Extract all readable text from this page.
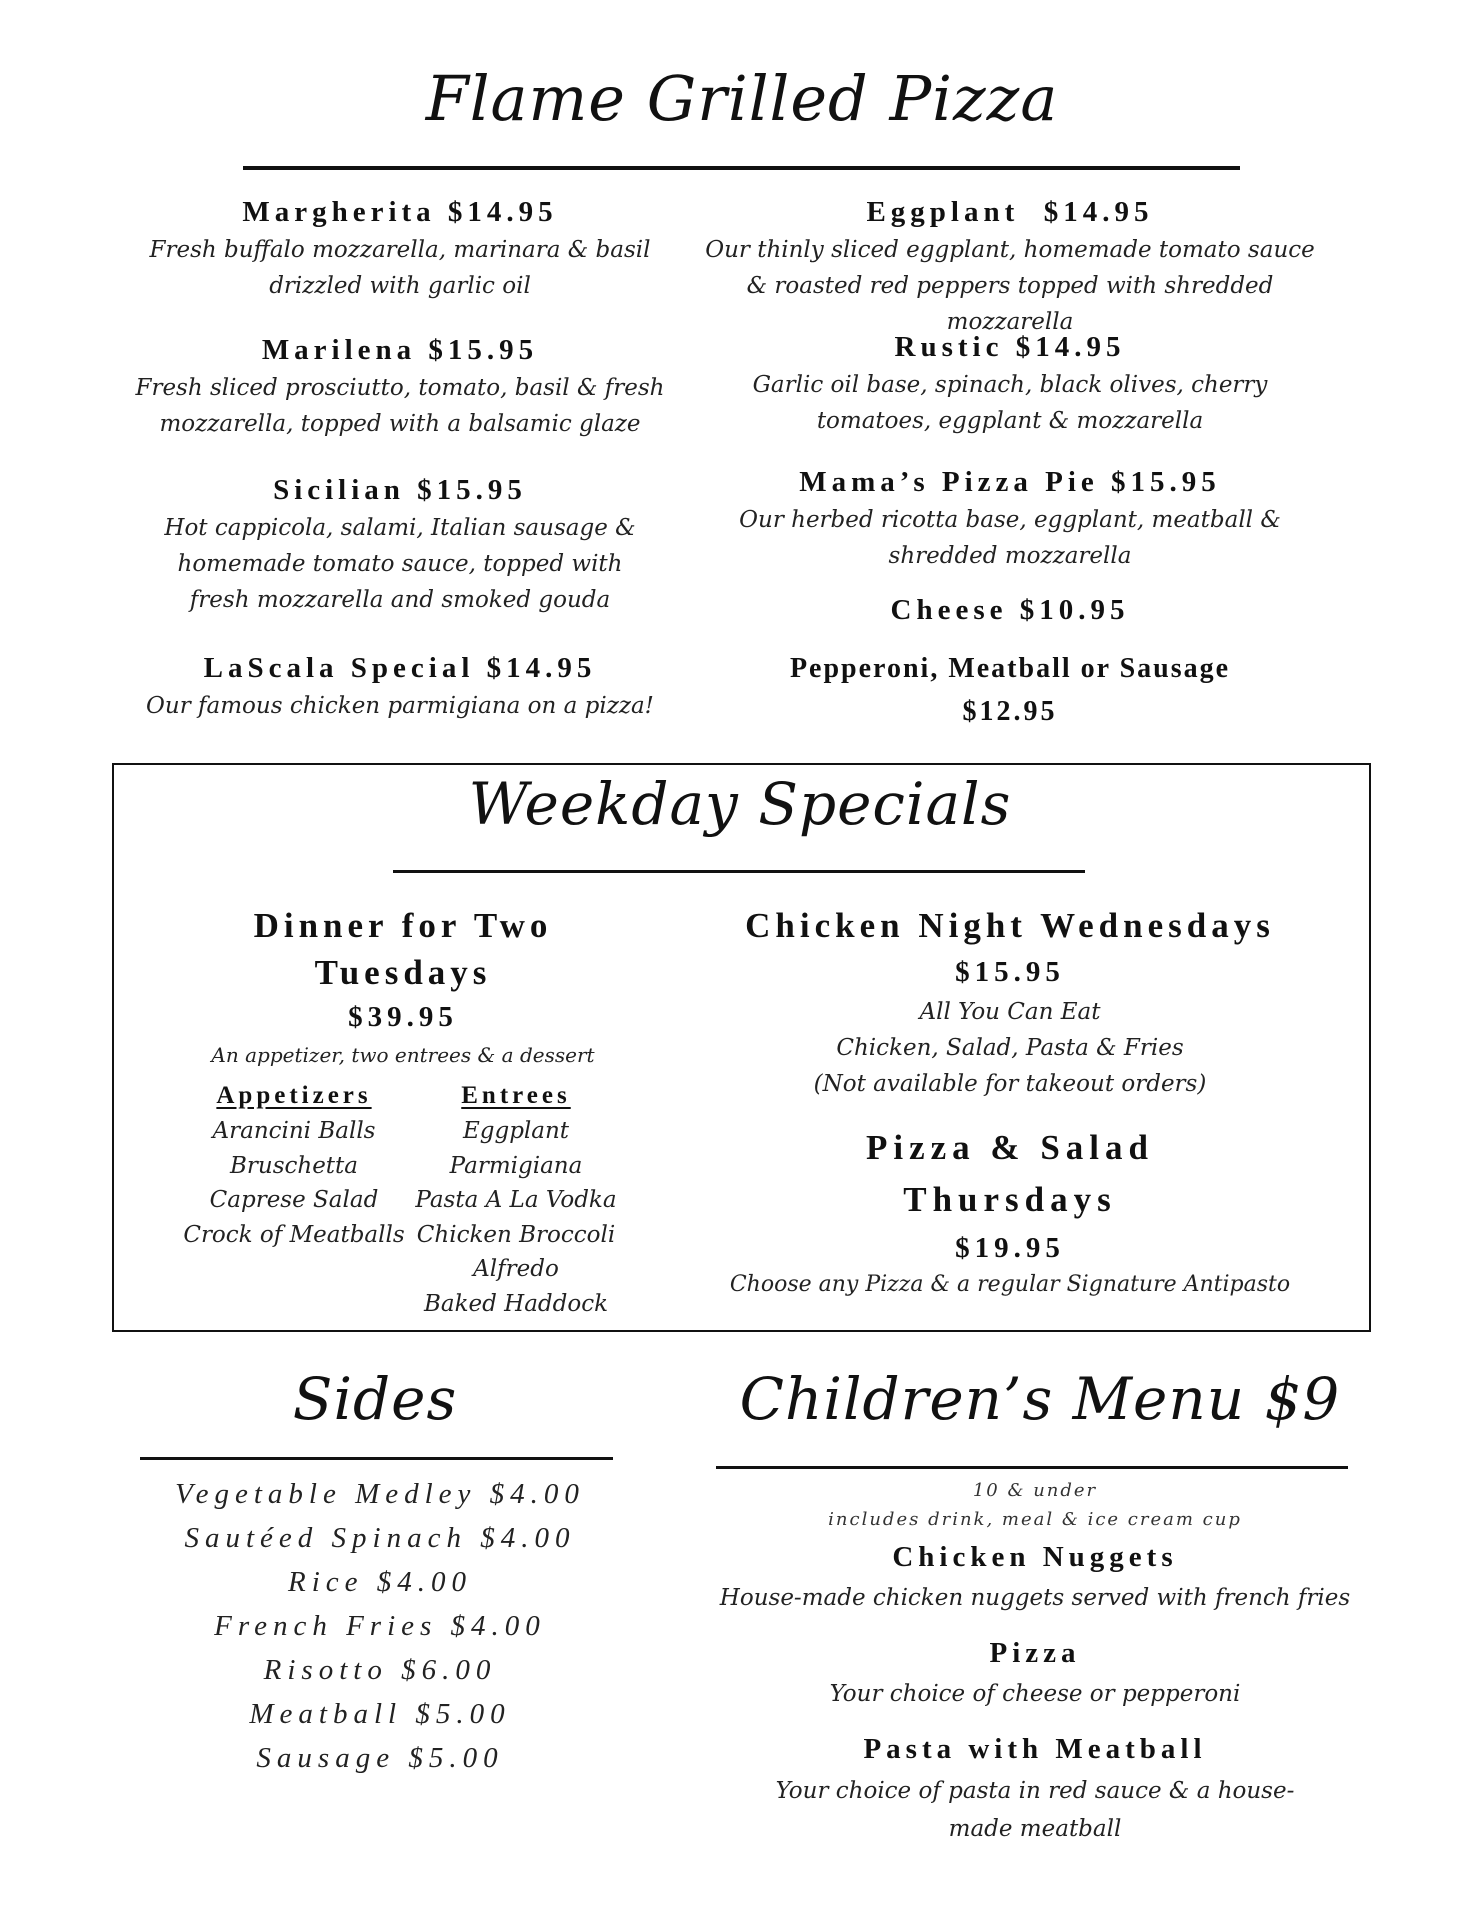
Flame Grilled Pizza
Margherita $14.95
Fresh buffalo mozzarella, marinara & basil drizzled with garlic oil
Marilena $15.95
Fresh sliced prosciutto, tomato, basil & fresh mozzarella, topped with a balsamic glaze
Sicilian $15.95
Hot cappicola, salami, Italian sausage & homemade tomato sauce, topped with fresh mozzarella and smoked gouda
LaScala Special $14.95
Our famous chicken parmigiana on a pizza!
Eggplant  $14.95
Our thinly sliced eggplant, homemade tomato sauce & roasted red peppers topped with shredded mozzarella
Rustic $14.95
Garlic oil base, spinach, black olives, cherry tomatoes, eggplant & mozzarella
Mama’s Pizza Pie $15.95
Our herbed ricotta base, eggplant, meatball & shredded mozzarella
Cheese $10.95
Pepperoni, Meatball or Sausage
$12.95
Weekday Specials
Dinner for Two
Tuesdays
$39.95
An appetizer, two entrees & a dessert
Appetizers
Arancini Balls
Bruschetta
Caprese Salad
Crock of Meatballs
Entrees
Eggplant
Parmigiana
Pasta A La Vodka
Chicken Broccoli
Alfredo
Baked Haddock
Chicken Night Wednesdays
$15.95
All You Can Eat
Chicken, Salad, Pasta & Fries
(Not available for takeout orders)
Pizza & Salad
Thursdays
$19.95
Choose any Pizza & a regular Signature Antipasto
Sides
Vegetable Medley $4.00
Sautéed Spinach $4.00
Rice $4.00
French Fries $4.00
Risotto $6.00
Meatball $5.00
Sausage $5.00
Children’s Menu $9
10 & under
includes drink, meal & ice cream cup
Chicken Nuggets
House-made chicken nuggets served with french fries
Pizza
Your choice of cheese or pepperoni
Pasta with Meatball
Your choice of pasta in red sauce & a house-made meatball
